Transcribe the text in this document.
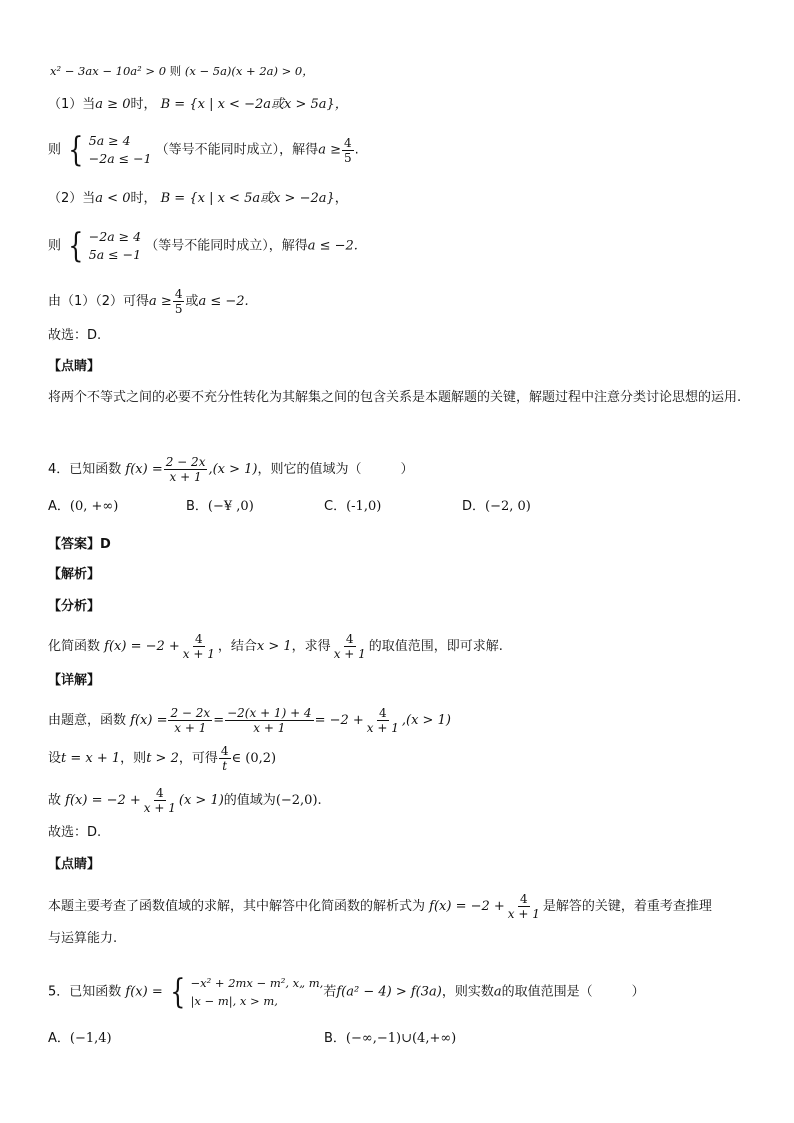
x² − 3ax − 10a² > 0 则 (x − 5a)(x + 2a) > 0，
（1）当a ≥ 0时， B = {x | x < −2a或x > 5a}，
则 { 5a ≥ 4
−2a ≤ −1
（等号不能同时成立），解得$a \ge \frac{4}{5}$ .
（2）当a < 0时， B = {x | x < 5a或x > −2a}，
则 { −2a ≥ 4
5a ≤ −1
（等号不能同时成立），解得a ≤ −2.
由（1）（2）可得$a \ge \frac{4}{5}$ 或a ≤ −2.
故选：D.
【点睛】
将两个不等式之间的必要不充分性转化为其解集之间的包含关系是本题解题的关键，解题过程中注意分类讨论思想的运用.
4．已知函数 $f(x) = \frac{2 - 2x}{x + 1} ,(x > 1)$，则它的值域为（　　　）
A．(0, +∞)	B．(−¥ ,0)	C．(-1,0)	D．(−2, 0)
【答案】D
【解析】
【分析】
化简函数 $f(x) = -2 + \frac{4}{x + 1}$ ，结合x > 1，求得 $\frac{4}{x + 1}$ 的取值范围，即可求解.
【详解】
由题意，函数 $f(x) = \frac{2 - 2x}{x + 1} = \frac{-2(x + 1) + 4}{x + 1} = -2 + \frac{4}{x + 1} ,(x > 1)$
设t = x + 1，则t > 2，可得 $\frac{4}{t}$ ∈ (0,2)
故 $f(x) = -2 + \frac{4}{x + 1} (x > 1)$的值域为(−2,0).
故选：D.
【点睛】
本题主要考查了函数值域的求解，其中解答中化简函数的解析式为 $f(x) = -2 + \frac{4}{x + 1}$ 是解答的关键，着重考查推理
与运算能力.
5．已知函数 f(x) = { −x² + 2mx − m², x„ m,
|x − m|, x > m,
若f(a² − 4) > f(3a)，则实数a的取值范围是（　　　）
A．(−1,4)	B．(−∞,−1)∪(4,+∞)
